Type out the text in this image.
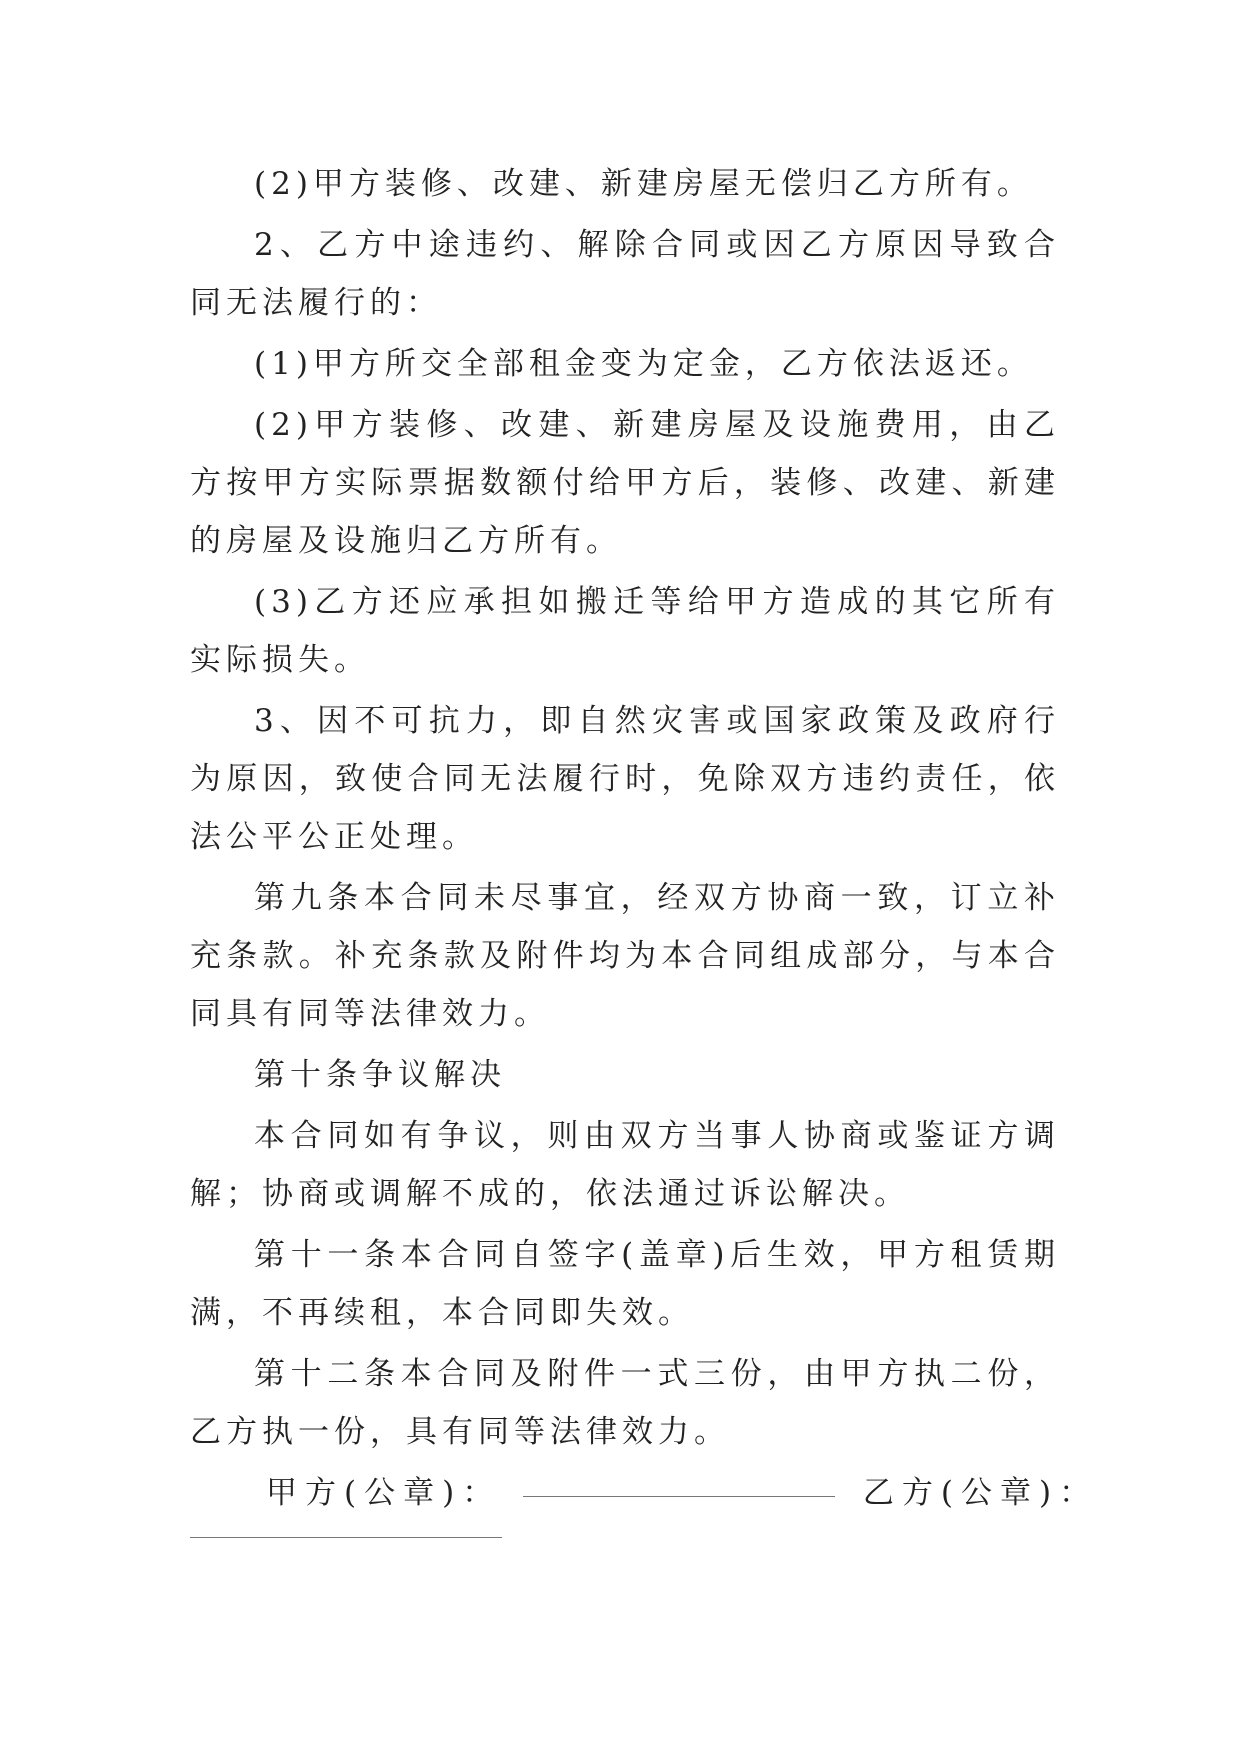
(2)甲方装修、改建、新建房屋无偿归乙方所有。

2、乙方中途违约、解除合同或因乙方原因导致合同无法履行的：

(1)甲方所交全部租金变为定金，乙方依法返还。

(2)甲方装修、改建、新建房屋及设施费用，由乙方按甲方实际票据数额付给甲方后，装修、改建、新建的房屋及设施归乙方所有。

(3)乙方还应承担如搬迁等给甲方造成的其它所有实际损失。

3、因不可抗力，即自然灾害或国家政策及政府行为原因，致使合同无法履行时，免除双方违约责任，依法公平公正处理。

第九条本合同未尽事宜，经双方协商一致，订立补充条款。补充条款及附件均为本合同组成部分，与本合同具有同等法律效力。

第十条争议解决

本合同如有争议，则由双方当事人协商或鉴证方调解；协商或调解不成的，依法通过诉讼解决。

第十一条本合同自签字(盖章)后生效，甲方租赁期满，不再续租，本合同即失效。

第十二条本合同及附件一式三份，由甲方执二份，乙方执一份，具有同等法律效力。

甲方(公章)：	乙方(公章)：
